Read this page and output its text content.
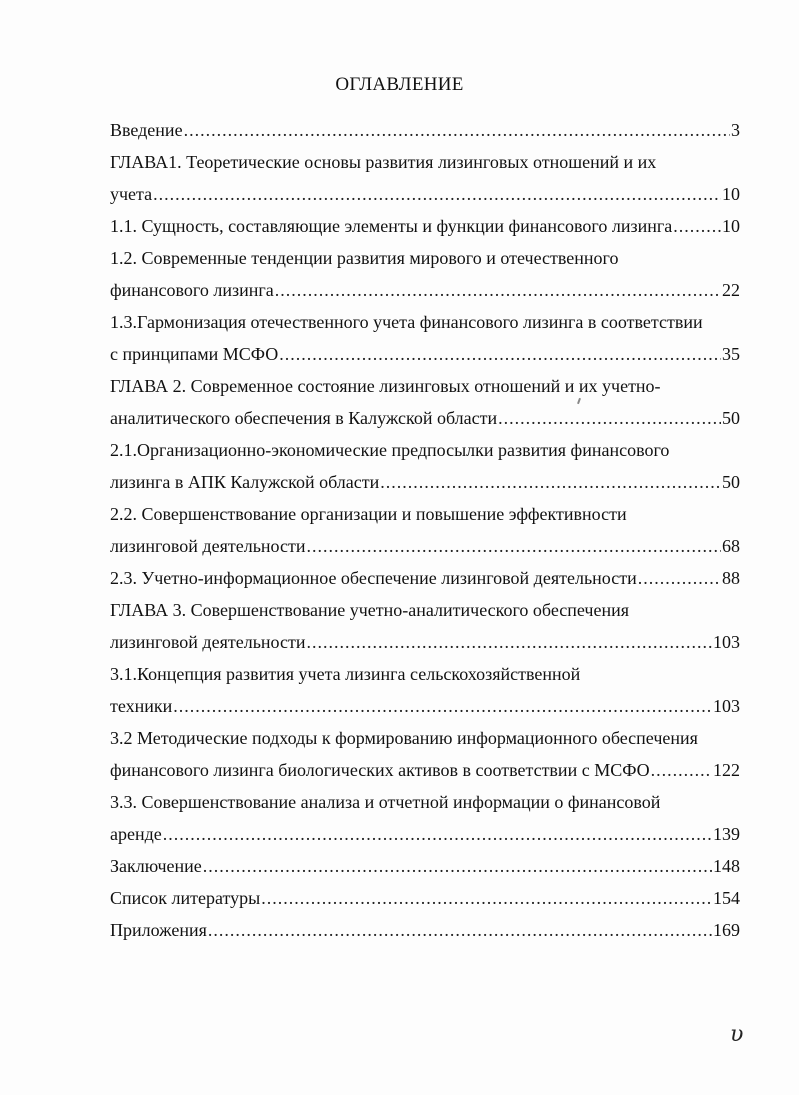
ОГЛАВЛЕНИЕ
Введение .....	3
ГЛАВА1. Теоретические основы развития лизинговых отношений и их
учета .....	10
1.1. Сущность, составляющие элементы и функции финансового лизинга .....	10
1.2. Современные тенденции развития мирового и отечественного
финансового лизинга .....	22
1.3.Гармонизация отечественного учета финансового лизинга в соответствии
с принципами МСФО .....	35
ГЛАВА 2. Современное состояние лизинговых отношений и их учетно-
аналитического обеспечения в Калужской области .....	50
2.1.Организационно-экономические предпосылки развития финансового
лизинга в АПК Калужской области .....	50
2.2. Совершенствование организации и повышение эффективности
лизинговой деятельности .....	68
2.3. Учетно-информационное обеспечение лизинговой деятельности .....	88
ГЛАВА 3. Совершенствование учетно-аналитического обеспечения
лизинговой деятельности .....	103
3.1.Концепция развития учета лизинга сельскохозяйственной
техники .....	103
3.2 Методические подходы к формированию информационного обеспечения
финансового лизинга биологических активов в соответствии с МСФО .....	122
3.3. Совершенствование анализа и отчетной информации о финансовой
аренде .....	139
Заключение .....	148
Список литературы .....	154
Приложения .....	169
υ
